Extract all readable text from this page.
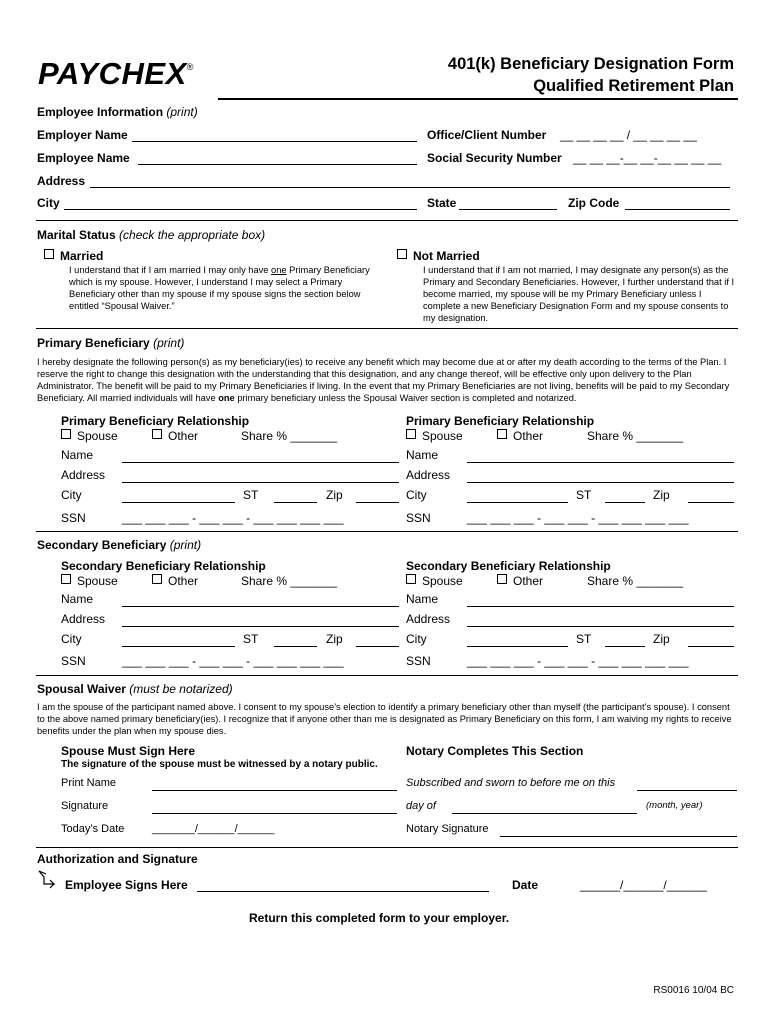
PAYCHEX®	401(k) Beneficiary Designation Form
Qualified Retirement Plan
Employee Information (print)
Employer Name	Office/Client Number __ __ __ __ / __ __ __ __
Employee Name	Social Security Number __ __ __-__ __-__ __ __ __
Address
City	State	Zip Code
Marital Status (check the appropriate box)
Married
I understand that if I am married I may only have one Primary Beneficiary which is my spouse. However, I understand I may select a Primary Beneficiary other than my spouse if my spouse signs the section below entitled “Spousal Waiver.”
Not Married
I understand that if I am not married, I may designate any person(s) as the Primary and Secondary Beneficiaries. However, I further understand that if I become married, my spouse will be my Primary Beneficiary unless I complete a new Beneficiary Designation Form and my spouse consents to my designation.
Primary Beneficiary (print)
I hereby designate the following person(s) as my beneficiary(ies) to receive any benefit which may become due at or after my death according to the terms of the Plan. I reserve the right to change this designation with the understanding that this designation, and any change thereof, will be effective only upon delivery to the Plan Administrator. The benefit will be paid to my Primary Beneficiaries if living. In the event that my Primary Beneficiaries are not living, benefits will be paid to my Secondary Beneficiary. All married individuals will have one primary beneficiary unless the Spousal Waiver section is completed and notarized.
Primary Beneficiary Relationship
Spouse	Other	Share % _______
Name
Address
City	ST	Zip
SSN	___ ___ ___ - ___ ___ - ___ ___ ___ ___
Primary Beneficiary Relationship
Spouse	Other	Share % _______
Name
Address
City	ST	Zip
SSN	___ ___ ___ - ___ ___ - ___ ___ ___ ___
Secondary Beneficiary (print)
Secondary Beneficiary Relationship
Spouse	Other	Share % _______
Name
Address
City	ST	Zip
SSN	___ ___ ___ - ___ ___ - ___ ___ ___ ___
Secondary Beneficiary Relationship
Spouse	Other	Share % _______
Name
Address
City	ST	Zip
SSN	___ ___ ___ - ___ ___ - ___ ___ ___ ___
Spousal Waiver (must be notarized)
I am the spouse of the participant named above. I consent to my spouse’s election to identify a primary beneficiary other than myself (the participant’s spouse). I consent to the above named primary beneficiary(ies). I recognize that if anyone other than me is designated as Primary Beneficiary on this form, I am waiving my rights to receive benefits under the plan when my spouse dies.
Spouse Must Sign Here
The signature of the spouse must be witnessed by a notary public.
Print Name
Signature
Today’s Date	_______/______/______
Notary Completes This Section
Subscribed and sworn to before me on this
day of	(month, year)
Notary Signature
Authorization and Signature
Employee Signs Here	Date	______/______/______
Return this completed form to your employer.
RS0016 10/04 BC
